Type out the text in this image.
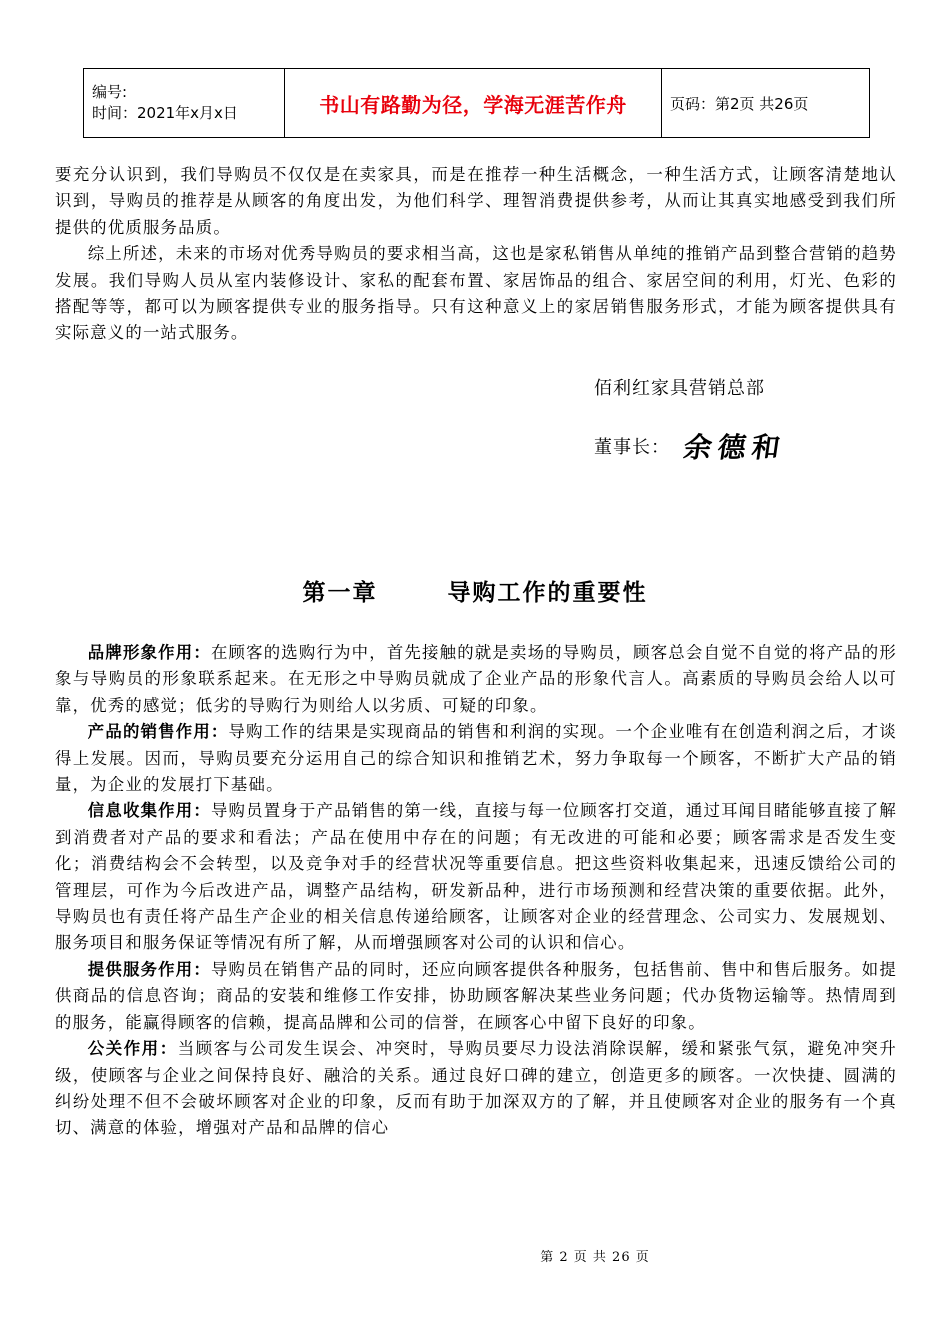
编号:
时间：2021年x月x日	书山有路勤为径，学海无涯苦作舟	页码：第2页 共26页

要充分认识到，我们导购员不仅仅是在卖家具，而是在推荐一种生活概念，一种生活方式，让顾客清楚地认识到，导购员的推荐是从顾客的角度出发，为他们科学、理智消费提供参考，从而让其真实地感受到我们所提供的优质服务品质。

综上所述，未来的市场对优秀导购员的要求相当高，这也是家私销售从单纯的推销产品到整合营销的趋势发展。我们导购人员从室内装修设计、家私的配套布置、家居饰品的组合、家居空间的利用，灯光、色彩的搭配等等，都可以为顾客提供专业的服务指导。只有这种意义上的家居销售服务形式，才能为顾客提供具有实际意义的一站式服务。

佰利红家具营销总部

董事长： 余德和
第一章	导购工作的重要性

品牌形象作用：在顾客的选购行为中，首先接触的就是卖场的导购员，顾客总会自觉不自觉的将产品的形象与导购员的形象联系起来。在无形之中导购员就成了企业产品的形象代言人。高素质的导购员会给人以可靠，优秀的感觉；低劣的导购行为则给人以劣质、可疑的印象。

产品的销售作用：导购工作的结果是实现商品的销售和利润的实现。一个企业唯有在创造利润之后，才谈得上发展。因而，导购员要充分运用自己的综合知识和推销艺术，努力争取每一个顾客，不断扩大产品的销量，为企业的发展打下基础。

信息收集作用：导购员置身于产品销售的第一线，直接与每一位顾客打交道，通过耳闻目睹能够直接了解到消费者对产品的要求和看法；产品在使用中存在的问题；有无改进的可能和必要；顾客需求是否发生变化；消费结构会不会转型，以及竞争对手的经营状况等重要信息。把这些资料收集起来，迅速反馈给公司的管理层，可作为今后改进产品，调整产品结构，研发新品种，进行市场预测和经营决策的重要依据。此外，导购员也有责任将产品生产企业的相关信息传递给顾客，让顾客对企业的经营理念、公司实力、发展规划、服务项目和服务保证等情况有所了解，从而增强顾客对公司的认识和信心。

提供服务作用：导购员在销售产品的同时，还应向顾客提供各种服务，包括售前、售中和售后服务。如提供商品的信息咨询；商品的安装和维修工作安排，协助顾客解决某些业务问题；代办货物运输等。热情周到的服务，能赢得顾客的信赖，提高品牌和公司的信誉，在顾客心中留下良好的印象。

公关作用：当顾客与公司发生误会、冲突时，导购员要尽力设法消除误解，缓和紧张气氛，避免冲突升级，使顾客与企业之间保持良好、融洽的关系。通过良好口碑的建立，创造更多的顾客。一次快捷、圆满的纠纷处理不但不会破坏顾客对企业的印象，反而有助于加深双方的了解，并且使顾客对企业的服务有一个真切、满意的体验，增强对产品和品牌的信心

第 2 页 共 26 页
